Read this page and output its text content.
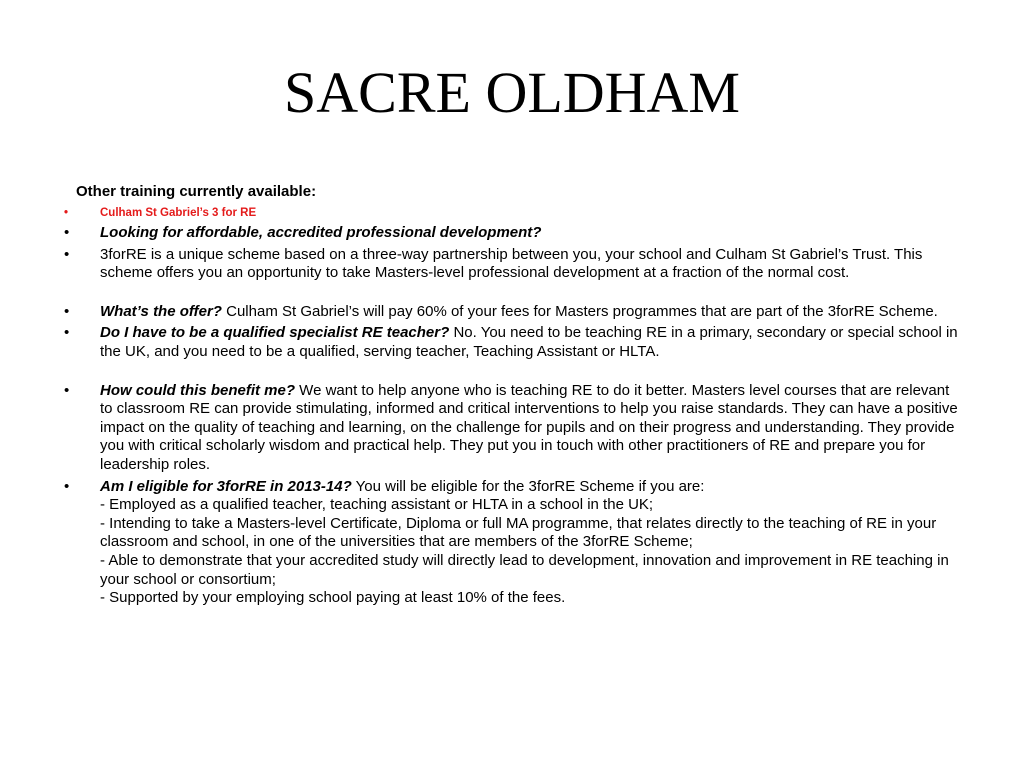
SACRE OLDHAM
Other training currently available:
•	Culham St Gabriel’s 3 for RE
• Looking for affordable, accredited professional development?
• 3forRE is a unique scheme based on a three-way partnership between you, your school and Culham St Gabriel’s Trust. This scheme offers you an opportunity to take Masters-level professional development at a fraction of the normal cost.
• What’s the offer? Culham St Gabriel’s will pay 60% of your fees for Masters programmes that are part of the 3forRE Scheme.
• Do I have to be a qualified specialist RE teacher? No. You need to be teaching RE in a primary, secondary or special school in the UK, and you need to be a qualified, serving teacher, Teaching Assistant or HLTA.
• How could this benefit me? We want to help anyone who is teaching RE to do it better. Masters level courses that are relevant to classroom RE can provide stimulating, informed and critical interventions to help you raise standards. They can have a positive impact on the quality of teaching and learning, on the challenge for pupils and on their progress and understanding. They provide you with critical scholarly wisdom and practical help. They put you in touch with other practitioners of RE and prepare you for leadership roles.
• Am I eligible for 3forRE in 2013-14? You will be eligible for the 3forRE Scheme if you are:
- Employed as a qualified teacher, teaching assistant or HLTA in a school in the UK;
- Intending to take a Masters-level Certificate, Diploma or full MA programme, that relates directly to the teaching of RE in your classroom and school, in one of the universities that are members of the 3forRE Scheme;
- Able to demonstrate that your accredited study will directly lead to development, innovation and improvement in RE teaching in your school or consortium;
- Supported by your employing school paying at least 10% of the fees.
